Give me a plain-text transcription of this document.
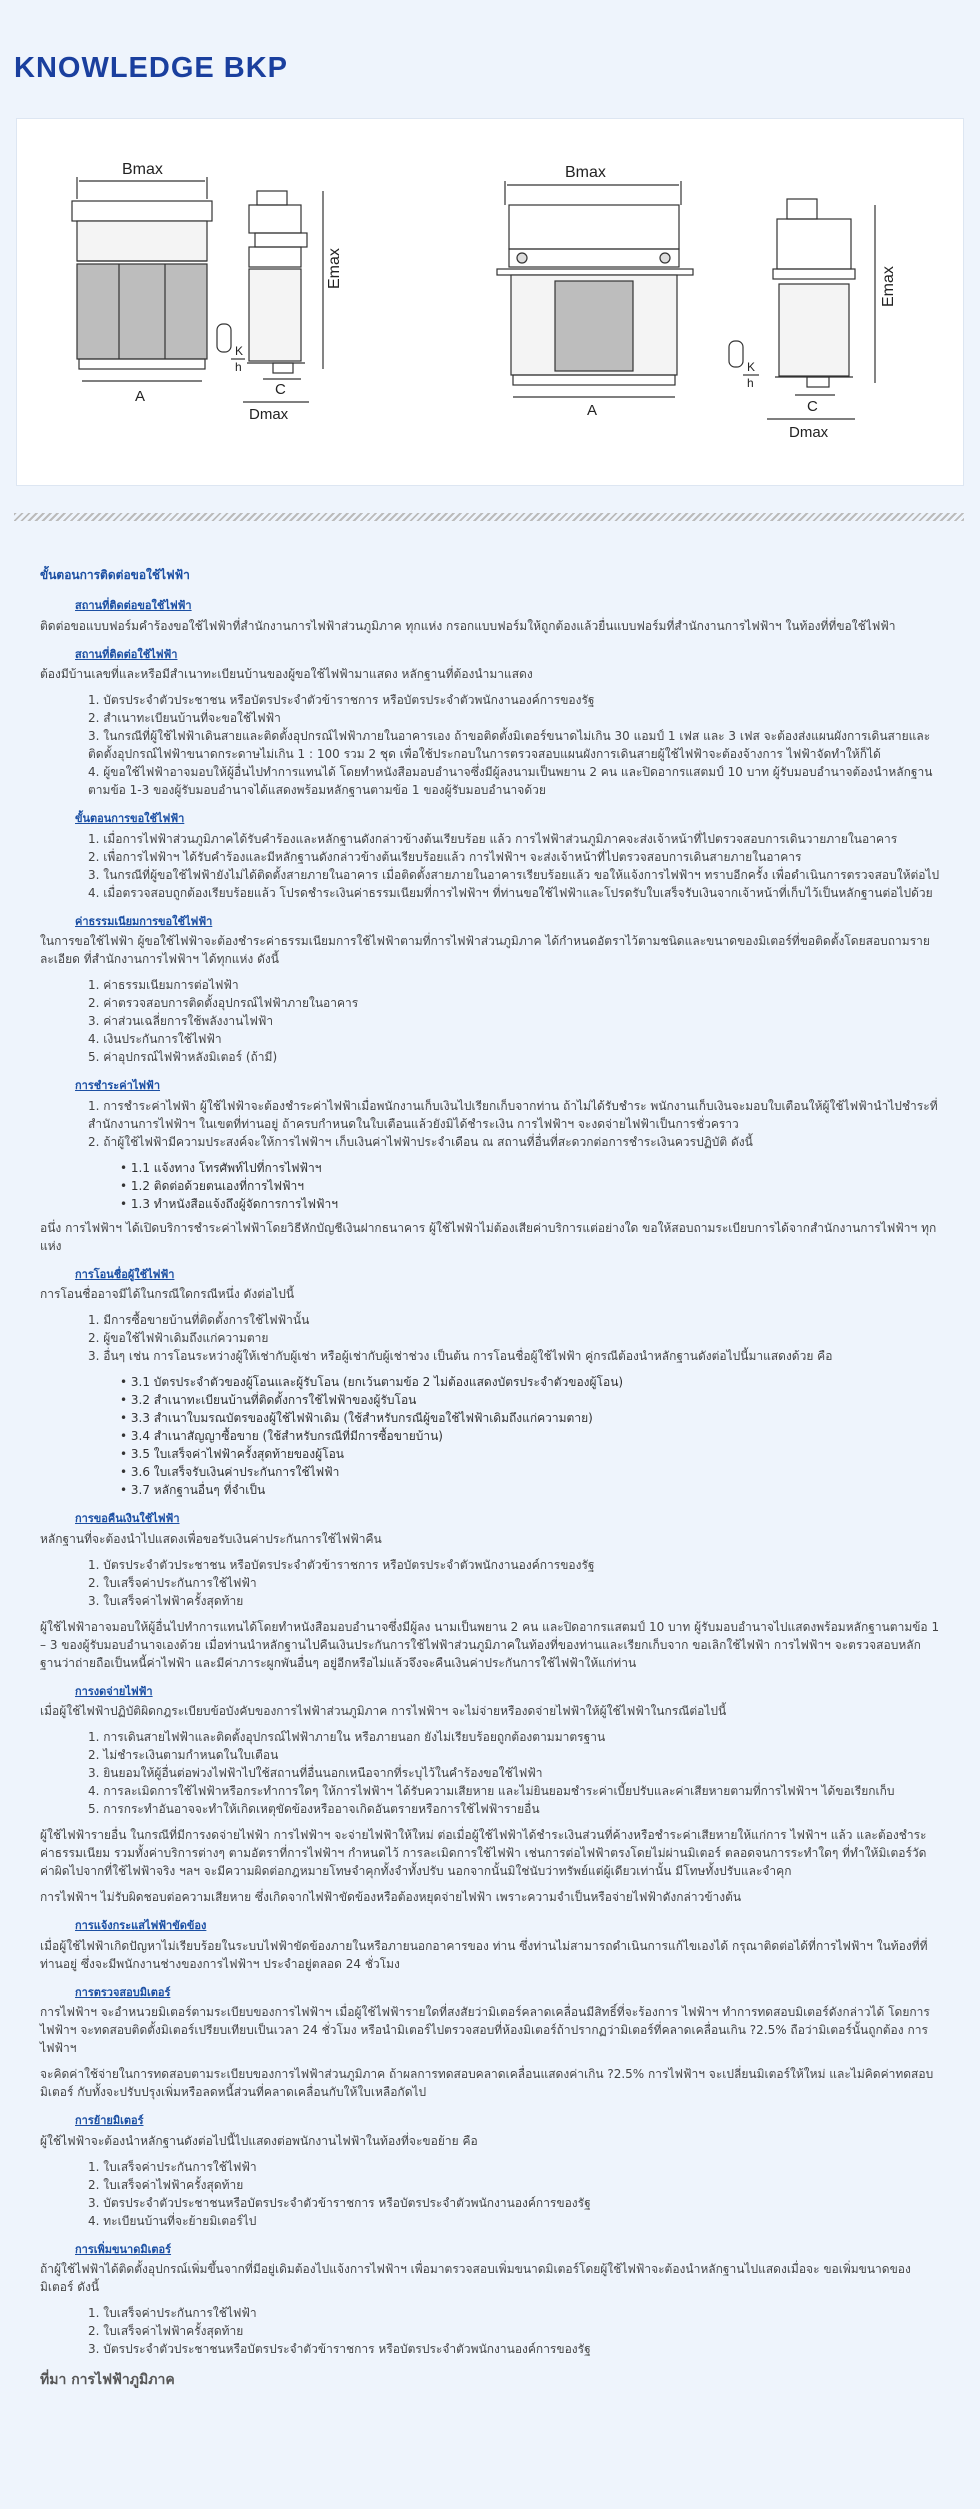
KNOWLEDGE BKP
Bmax
A
Emax
K
h
C
Dmax
Bmax
A
Emax
K
h
C
Dmax
ขั้นตอนการติดต่อขอใช้ไฟฟ้า
สถานที่ติดต่อขอใช้ไฟฟ้า

ติดต่อขอแบบฟอร์มคำร้องขอใช้ไฟฟ้าที่สำนักงานการไฟฟ้าส่วนภูมิภาค ทุกแห่ง กรอกแบบฟอร์มให้ถูกต้องแล้วยื่นแบบฟอร์มที่สำนักงานการไฟฟ้าฯ ในท้องที่ที่ขอใช้ไฟฟ้า

สถานที่ติดต่อใช้ไฟฟ้า

ต้องมีบ้านเลขที่และหรือมีสำเนาทะเบียนบ้านของผู้ขอใช้ไฟฟ้ามาแสดง หลักฐานที่ต้องนำมาแสดง

1. บัตรประจำตัวประชาชน หรือบัตรประจำตัวข้าราชการ หรือบัตรประจำตัวพนักงานองค์การของรัฐ
2. สำเนาทะเบียนบ้านที่จะขอใช้ไฟฟ้า
3. ในกรณีที่ผู้ใช้ไฟฟ้าเดินสายและติดตั้งอุปกรณ์ไฟฟ้าภายในอาคารเอง ถ้าขอติดตั้งมิเตอร์ขนาดไม่เกิน 30 แอมป์ 1 เฟส และ 3 เฟส จะต้องส่งแผนผังการเดินสายและติดตั้งอุปกรณ์ไฟฟ้าขนาดกระดาษไม่เกิน 1 : 100 รวม 2 ชุด เพื่อใช้ประกอบในการตรวจสอบแผนผังการเดินสายผู้ใช้ไฟฟ้าจะต้องจ้างการ ไฟฟ้าจัดทำให้ก็ได้
4. ผู้ขอใช้ไฟฟ้าอาจมอบให้ผู้อื่นไปทำการแทนได้ โดยทำหนังสือมอบอำนาจซึ่งมีผู้ลงนามเป็นพยาน 2 คน และปิดอากรแสตมป์ 10 บาท ผู้รับมอบอำนาจต้องนำหลักฐานตามข้อ 1-3 ของผู้รับมอบอำนาจได้แสดงพร้อมหลักฐานตามข้อ 1 ของผู้รับมอบอำนาจด้วย
ขั้นตอนการขอใช้ไฟฟ้า
1. เมื่อการไฟฟ้าส่วนภูมิภาคได้รับคำร้องและหลักฐานดังกล่าวข้างต้นเรียบร้อย แล้ว การไฟฟ้าส่วนภูมิภาคจะส่งเจ้าหน้าที่ไปตรวจสอบการเดินวายภายในอาคาร
2. เพื่อการไฟฟ้าฯ ได้รับคำร้องและมีหลักฐานดังกล่าวข้างต้นเรียบร้อยแล้ว การไฟฟ้าฯ จะส่งเจ้าหน้าที่ไปตรวจสอบการเดินสายภายในอาคาร
3. ในกรณีที่ผู้ขอใช้ไฟฟ้ายังไม่ได้ติดตั้งสายภายในอาคาร เมื่อติดตั้งสายภายในอาคารเรียบร้อยแล้ว ขอให้แจ้งการไฟฟ้าฯ ทราบอีกครั้ง เพื่อดำเนินการตรวจสอบให้ต่อไป
4. เมื่อตรวจสอบถูกต้องเรียบร้อยแล้ว โปรดชำระเงินค่าธรรมเนียมที่การไฟฟ้าฯ ที่ท่านขอใช้ไฟฟ้าและโปรดรับใบเสร็จรับเงินจากเจ้าหน้าที่เก็บไว้เป็นหลักฐานต่อไปด้วย
ค่าธรรมเนียมการขอใช้ไฟฟ้า

ในการขอใช้ไฟฟ้า ผู้ขอใช้ไฟฟ้าจะต้องชำระค่าธรรมเนียมการใช้ไฟฟ้าตามที่การไฟฟ้าส่วนภูมิภาค ได้กำหนดอัตราไว้ตามชนิดและขนาดของมิเตอร์ที่ขอติดตั้งโดยสอบถามรายละเอียด ที่สำนักงานการไฟฟ้าฯ ได้ทุกแห่ง ดังนี้

1. ค่าธรรมเนียมการต่อไฟฟ้า
2. ค่าตรวจสอบการติดตั้งอุปกรณ์ไฟฟ้าภายในอาคาร
3. ค่าส่วนเฉลี่ยการใช้พลังงานไฟฟ้า
4. เงินประกันการใช้ไฟฟ้า
5. ค่าอุปกรณ์ไฟฟ้าหลังมิเตอร์ (ถ้ามี)
การชำระค่าไฟฟ้า
1. การชำระค่าไฟฟ้า ผู้ใช้ไฟฟ้าจะต้องชำระค่าไฟฟ้าเมื่อพนักงานเก็บเงินไปเรียกเก็บจากท่าน ถ้าไม่ได้รับชำระ พนักงานเก็บเงินจะมอบใบเตือนให้ผู้ใช้ไฟฟ้านำไปชำระที่สำนักงานการไฟฟ้าฯ ในเขตที่ท่านอยู่ ถ้าครบกำหนดในใบเตือนแล้วยังมิได้ชำระเงิน การไฟฟ้าฯ จะงดจ่ายไฟฟ้าเป็นการชั่วคราว
2. ถ้าผู้ใช้ไฟฟ้ามีความประสงค์จะให้การไฟฟ้าฯ เก็บเงินค่าไฟฟ้าประจำเดือน ณ สถานที่อื่นที่สะดวกต่อการชำระเงินควรปฏิบัติ ดังนี้
• 1.1 แจ้งทาง โทรศัพท์ไปที่การไฟฟ้าฯ
• 1.2 ติดต่อด้วยตนเองที่การไฟฟ้าฯ
• 1.3 ทำหนังสือแจ้งถึงผู้จัดการการไฟฟ้าฯ

อนึ่ง การไฟฟ้าฯ ได้เปิดบริการชำระค่าไฟฟ้าโดยวิธีหักบัญชีเงินฝากธนาคาร ผู้ใช้ไฟฟ้าไม่ต้องเสียค่าบริการแต่อย่างใด ขอให้สอบถามระเบียบการได้จากสำนักงานการไฟฟ้าฯ ทุกแห่ง

การโอนชื่อผู้ใช้ไฟฟ้า

การโอนชื่ออาจมีได้ในกรณีใดกรณีหนึ่ง ดังต่อไปนี้

1. มีการซื้อขายบ้านที่ติดตั้งการใช้ไฟฟ้านั้น
2. ผู้ขอใช้ไฟฟ้าเดิมถึงแก่ความตาย
3. อื่นๆ เช่น การโอนระหว่างผู้ให้เช่ากับผู้เช่า หรือผู้เช่ากับผู้เช่าช่วง เป็นต้น การโอนชื่อผู้ใช้ไฟฟ้า คู่กรณีต้องนำหลักฐานดังต่อไปนี้มาแสดงด้วย คือ
• 3.1 บัตรประจำตัวของผู้โอนและผู้รับโอน (ยกเว้นตามข้อ 2 ไม่ต้องแสดงบัตรประจำตัวของผู้โอน)
• 3.2 สำเนาทะเบียนบ้านที่ติดตั้งการใช้ไฟฟ้าของผู้รับโอน
• 3.3 สำเนาใบมรณบัตรของผู้ใช้ไฟฟ้าเดิม (ใช้สำหรับกรณีผู้ขอใช้ไฟฟ้าเดิมถึงแก่ความตาย)
• 3.4 สำเนาสัญญาซื้อขาย (ใช้สำหรับกรณีที่มีการซื้อขายบ้าน)
• 3.5 ใบเสร็จค่าไฟฟ้าครั้งสุดท้ายของผู้โอน
• 3.6 ใบเสร็จรับเงินค่าประกันการใช้ไฟฟ้า
• 3.7 หลักฐานอื่นๆ ที่จำเป็น
การขอคืนเงินใช้ไฟฟ้า

หลักฐานที่จะต้องนำไปแสดงเพื่อขอรับเงินค่าประกันการใช้ไฟฟ้าคืน

1. บัตรประจำตัวประชาชน หรือบัตรประจำตัวข้าราชการ หรือบัตรประจำตัวพนักงานองค์การของรัฐ
2. ใบเสร็จค่าประกันการใช้ไฟฟ้า
3. ใบเสร็จค่าไฟฟ้าครั้งสุดท้าย

ผู้ใช้ไฟฟ้าอาจมอบให้ผู้อื่นไปทำการแทนได้โดยทำหนังสือมอบอำนาจซึ่งมีผู้ลง นามเป็นพยาน 2 คน และปิดอากรแสตมป์ 10 บาท ผู้รับมอบอำนาจไปแสดงพร้อมหลักฐานตามข้อ 1 – 3 ของผู้รับมอบอำนาจเองด้วย เมื่อท่านนำหลักฐานไปคืนเงินประกันการใช้ไฟฟ้าส่วนภูมิภาคในท้องที่ของท่านและเรียกเก็บจาก ขอเลิกใช้ไฟฟ้า การไฟฟ้าฯ จะตรวจสอบหลักฐานว่าถ่ายถือเป็นหนี้ค่าไฟฟ้า และมีค่าภาระผูกพันอื่นๆ อยู่อีกหรือไม่แล้วจึงจะคืนเงินค่าประกันการใช้ไฟฟ้าให้แก่ท่าน

การงดจ่ายไฟฟ้า

เมื่อผู้ใช้ไฟฟ้าปฏิบัติผิดกฎระเบียบข้อบังคับของการไฟฟ้าส่วนภูมิภาค การไฟฟ้าฯ จะไม่จ่ายหรืองดจ่ายไฟฟ้าให้ผู้ใช้ไฟฟ้าในกรณีต่อไปนี้

1. การเดินสายไฟฟ้าและติดตั้งอุปกรณ์ไฟฟ้าภายใน หรือภายนอก ยังไม่เรียบร้อยถูกต้องตามมาตรฐาน
2. ไม่ชำระเงินตามกำหนดในใบเตือน
3. ยินยอมให้ผู้อื่นต่อพ่วงไฟฟ้าไปใช้สถานที่อื่นนอกเหนือจากที่ระบุไว้ในคำร้องขอใช้ไฟฟ้า
4. การละเมิดการใช้ไฟฟ้าหรือกระทำการใดๆ ให้การไฟฟ้าฯ ได้รับความเสียหาย และไม่ยินยอมชำระค่าเบี้ยปรับและค่าเสียหายตามที่การไฟฟ้าฯ ได้ขอเรียกเก็บ
5. การกระทำอันอาจจะทำให้เกิดเหตุขัดข้องหรืออาจเกิดอันตรายหรือการใช้ไฟฟ้ารายอื่น

ผู้ใช้ไฟฟ้ารายอื่น ในกรณีที่มีการงดจ่ายไฟฟ้า การไฟฟ้าฯ จะจ่ายไฟฟ้าให้ใหม่ ต่อเมื่อผู้ใช้ไฟฟ้าได้ชำระเงินส่วนที่ค้างหรือชำระค่าเสียหายให้แก่การ ไฟฟ้าฯ แล้ว และต้องชำระค่าธรรมเนียม รวมทั้งค่าบริการต่างๆ ตามอัตราที่การไฟฟ้าฯ กำหนดไว้ การละเมิดการใช้ไฟฟ้า เช่นการต่อไฟฟ้าตรงโดยไม่ผ่านมิเตอร์ ตลอดจนการระทำใดๆ ที่ทำให้มิเตอร์วัดค่าผิดไปจากที่ใช้ไฟฟ้าจริง ฯลฯ จะมีความผิดต่อกฎหมายโทษจำคุกทั้งจำทั้งปรับ นอกจากนั้นมิใช่นับว่าทรัพย์แต่ผู้เดียวเท่านั้น มีโทษทั้งปรับและจำคุก

การไฟฟ้าฯ ไม่รับผิดชอบต่อความเสียหาย ซึ่งเกิดจากไฟฟ้าขัดข้องหรือต้องหยุดจ่ายไฟฟ้า เพราะความจำเป็นหรือจ่ายไฟฟ้าดังกล่าวข้างต้น

การแจ้งกระแสไฟฟ้าขัดข้อง

เมื่อผู้ใช้ไฟฟ้าเกิดปัญหาไม่เรียบร้อยในระบบไฟฟ้าขัดข้องภายในหรือภายนอกอาคารของ ท่าน ซึ่งท่านไม่สามารถดำเนินการแก้ไขเองได้ กรุณาติดต่อได้ที่การไฟฟ้าฯ ในท้องที่ที่ท่านอยู่ ซึ่งจะมีพนักงานช่างของการไฟฟ้าฯ ประจำอยู่ตลอด 24 ชั่วโมง

การตรวจสอบมิเตอร์

การไฟฟ้าฯ จะอำหนวยมิเตอร์ตามระเบียบของการไฟฟ้าฯ เมื่อผู้ใช้ไฟฟ้ารายใดที่สงสัยว่ามิเตอร์คลาดเคลื่อนมีสิทธิ์ที่จะร้องการ ไฟฟ้าฯ ทำการทดสอบมิเตอร์ดังกล่าวได้ โดยการไฟฟ้าฯ จะทดสอบติดตั้งมิเตอร์เปรียบเทียบเป็นเวลา 24 ชั่วโมง หรือนำมิเตอร์ไปตรวจสอบที่ห้องมิเตอร์ถ้าปรากฏว่ามิเตอร์ที่คลาดเคลื่อนเกิน ?2.5% ถือว่ามิเตอร์นั้นถูกต้อง การไฟฟ้าฯ

จะคิดค่าใช้จ่ายในการทดสอบตามระเบียบของการไฟฟ้าส่วนภูมิภาค ถ้าผลการทดสอบคลาดเคลื่อนแสดงค่าเกิน ?2.5% การไฟฟ้าฯ จะเปลี่ยนมิเตอร์ให้ใหม่ และไม่คิดค่าทดสอบมิเตอร์ กับทั้งจะปรับปรุงเพิ่มหรือลดหนี้ส่วนที่คลาดเคลื่อนกับให้ใบเหลือกัดไป

การย้ายมิเตอร์

ผู้ใช้ไฟฟ้าจะต้องนำหลักฐานดังต่อไปนี้ไปแสดงต่อพนักงานไฟฟ้าในท้องที่จะขอย้าย คือ

1. ใบเสร็จค่าประกันการใช้ไฟฟ้า
2. ใบเสร็จค่าไฟฟ้าครั้งสุดท้าย
3. บัตรประจำตัวประชาชนหรือบัตรประจำตัวข้าราชการ หรือบัตรประจำตัวพนักงานองค์การของรัฐ
4. ทะเบียนบ้านที่จะย้ายมิเตอร์ไป
การเพิ่มขนาดมิเตอร์

ถ้าผู้ใช้ไฟฟ้าได้ติดตั้งอุปกรณ์เพิ่มขึ้นจากที่มีอยู่เดิมต้องไปแจ้งการไฟฟ้าฯ เพื่อมาตรวจสอบเพิ่มขนาดมิเตอร์โดยผู้ใช้ไฟฟ้าจะต้องนำหลักฐานไปแสดงเมื่อจะ ขอเพิ่มขนาดของมิเตอร์ ดังนี้

1. ใบเสร็จค่าประกันการใช้ไฟฟ้า
2. ใบเสร็จค่าไฟฟ้าครั้งสุดท้าย
3. บัตรประจำตัวประชาชนหรือบัตรประจำตัวข้าราชการ หรือบัตรประจำตัวพนักงานองค์การของรัฐ
ที่มา การไฟฟ้าภูมิภาค
